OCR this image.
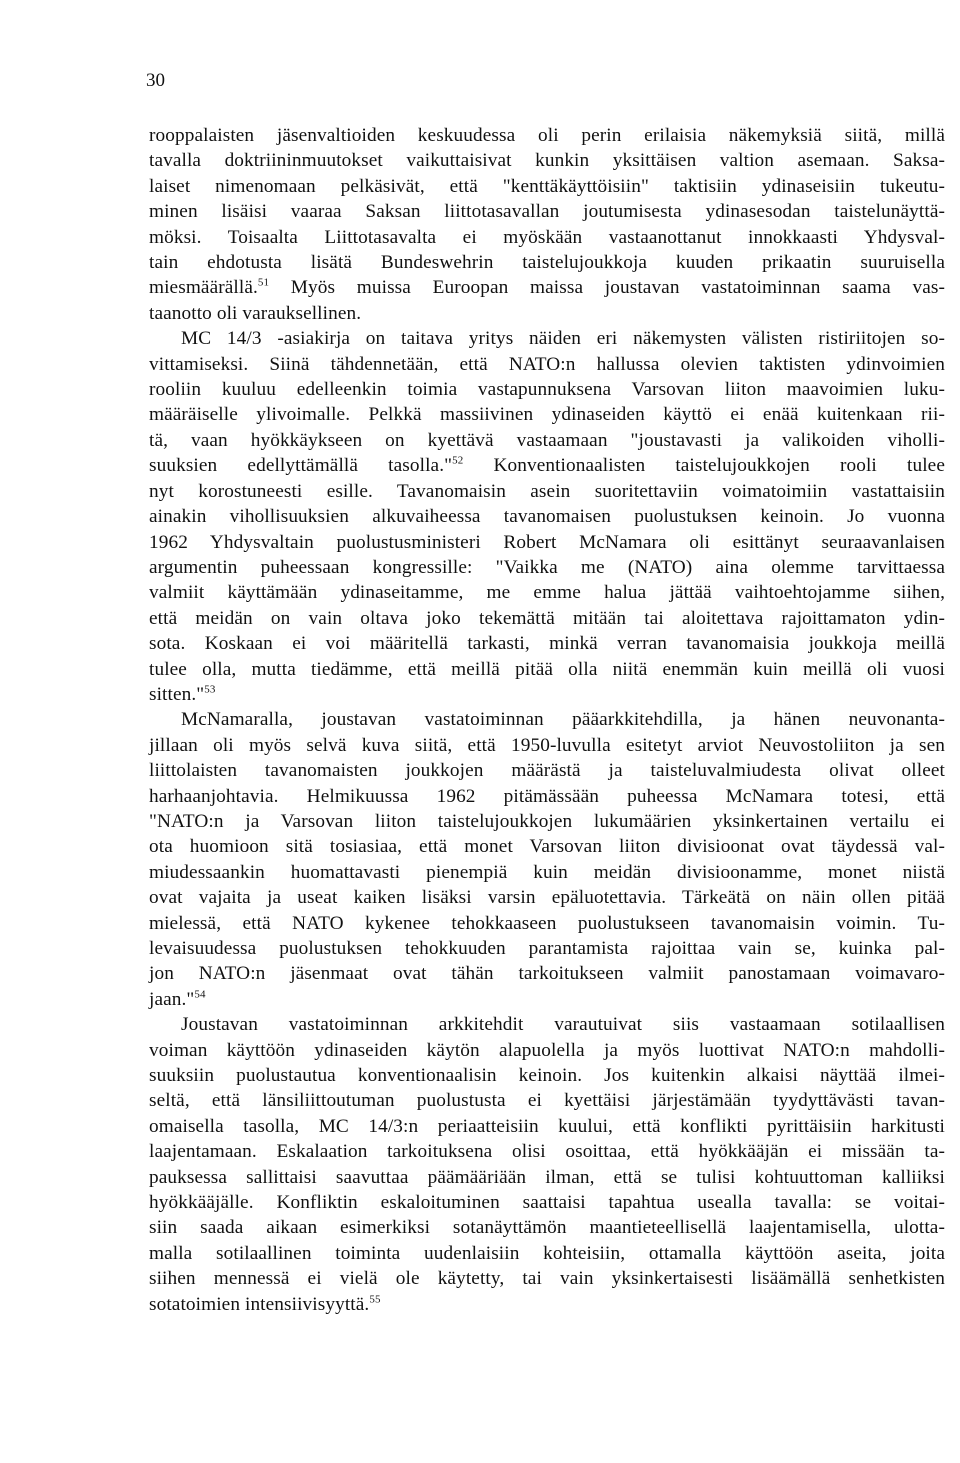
30
rooppalaisten jäsenvaltioiden keskuudessa oli perin erilaisia näkemyksiä siitä, millä
tavalla doktriininmuutokset vaikuttaisivat kunkin yksittäisen valtion asemaan. Saksa-
laiset nimenomaan pelkäsivät, että "kenttäkäyttöisiin" taktisiin ydinaseisiin tukeutu-
minen lisäisi vaaraa Saksan liittotasavallan joutumisesta ydinasesodan taistelunäyttä-
möksi. Toisaalta Liittotasavalta ei myöskään vastaanottanut innokkaasti Yhdysval-
tain ehdotusta lisätä Bundeswehrin taistelujoukkoja kuuden prikaatin suuruisella
miesmäärällä.$^{51}$ Myös muissa Euroopan maissa joustavan vastatoiminnan saama vas-
taanotto oli varauksellinen.
MC 14/3 -asiakirja on taitava yritys näiden eri näkemysten välisten ristiriitojen so-
vittamiseksi. Siinä tähdennetään, että NATO:n hallussa olevien taktisten ydinvoimien
rooliin kuuluu edelleenkin toimia vastapunnuksena Varsovan liiton maavoimien luku-
määräiselle ylivoimalle. Pelkkä massiivinen ydinaseiden käyttö ei enää kuitenkaan rii-
tä, vaan hyökkäykseen on kyettävä vastaamaan "joustavasti ja valikoiden viholli-
suuksien edellyttämällä tasolla."$^{52}$ Konventionaalisten taistelujoukkojen rooli tulee
nyt korostuneesti esille. Tavanomaisin asein suoritettaviin voimatoimiin vastattaisiin
ainakin vihollisuuksien alkuvaiheessa tavanomaisen puolustuksen keinoin. Jo vuonna
1962 Yhdysvaltain puolustusministeri Robert McNamara oli esittänyt seuraavanlaisen
argumentin puheessaan kongressille: "Vaikka me (NATO) aina olemme tarvittaessa
valmiit käyttämään ydinaseitamme, me emme halua jättää vaihtoehtojamme siihen,
että meidän on vain oltava joko tekemättä mitään tai aloitettava rajoittamaton ydin-
sota. Koskaan ei voi määritellä tarkasti, minkä verran tavanomaisia joukkoja meillä
tulee olla, mutta tiedämme, että meillä pitää olla niitä enemmän kuin meillä oli vuosi
sitten."$^{53}$
McNamaralla, joustavan vastatoiminnan pääarkkitehdilla, ja hänen neuvonanta-
jillaan oli myös selvä kuva siitä, että 1950-luvulla esitetyt arviot Neuvostoliiton ja sen
liittolaisten tavanomaisten joukkojen määrästä ja taisteluvalmiudesta olivat olleet
harhaanjohtavia. Helmikuussa 1962 pitämässään puheessa McNamara totesi, että
"NATO:n ja Varsovan liiton taistelujoukkojen lukumäärien yksinkertainen vertailu ei
ota huomioon sitä tosiasiaa, että monet Varsovan liiton divisioonat ovat täydessä val-
miudessaankin huomattavasti pienempiä kuin meidän divisioonamme, monet niistä
ovat vajaita ja useat kaiken lisäksi varsin epäluotettavia. Tärkeätä on näin ollen pitää
mielessä, että NATO kykenee tehokkaaseen puolustukseen tavanomaisin voimin. Tu-
levaisuudessa puolustuksen tehokkuuden parantamista rajoittaa vain se, kuinka pal-
jon NATO:n jäsenmaat ovat tähän tarkoitukseen valmiit panostamaan voimavaro-
jaan."$^{54}$
Joustavan vastatoiminnan arkkitehdit varautuivat siis vastaamaan sotilaallisen
voiman käyttöön ydinaseiden käytön alapuolella ja myös luottivat NATO:n mahdolli-
suuksiin puolustautua konventionaalisin keinoin. Jos kuitenkin alkaisi näyttää ilmei-
seltä, että länsiliittoutuman puolustusta ei kyettäisi järjestämään tyydyttävästi tavan-
omaisella tasolla, MC 14/3:n periaatteisiin kuului, että konflikti pyrittäisiin harkitusti
laajentamaan. Eskalaation tarkoituksena olisi osoittaa, että hyökkääjän ei missään ta-
pauksessa sallittaisi saavuttaa päämääriään ilman, että se tulisi kohtuuttoman kalliiksi
hyökkääjälle. Konfliktin eskaloituminen saattaisi tapahtua usealla tavalla: se voitai-
siin saada aikaan esimerkiksi sotanäyttämön maantieteellisellä laajentamisella, ulotta-
malla sotilaallinen toiminta uudenlaisiin kohteisiin, ottamalla käyttöön aseita, joita
siihen mennessä ei vielä ole käytetty, tai vain yksinkertaisesti lisäämällä senhetkisten
sotatoimien intensiivisyyttä.$^{55}$
